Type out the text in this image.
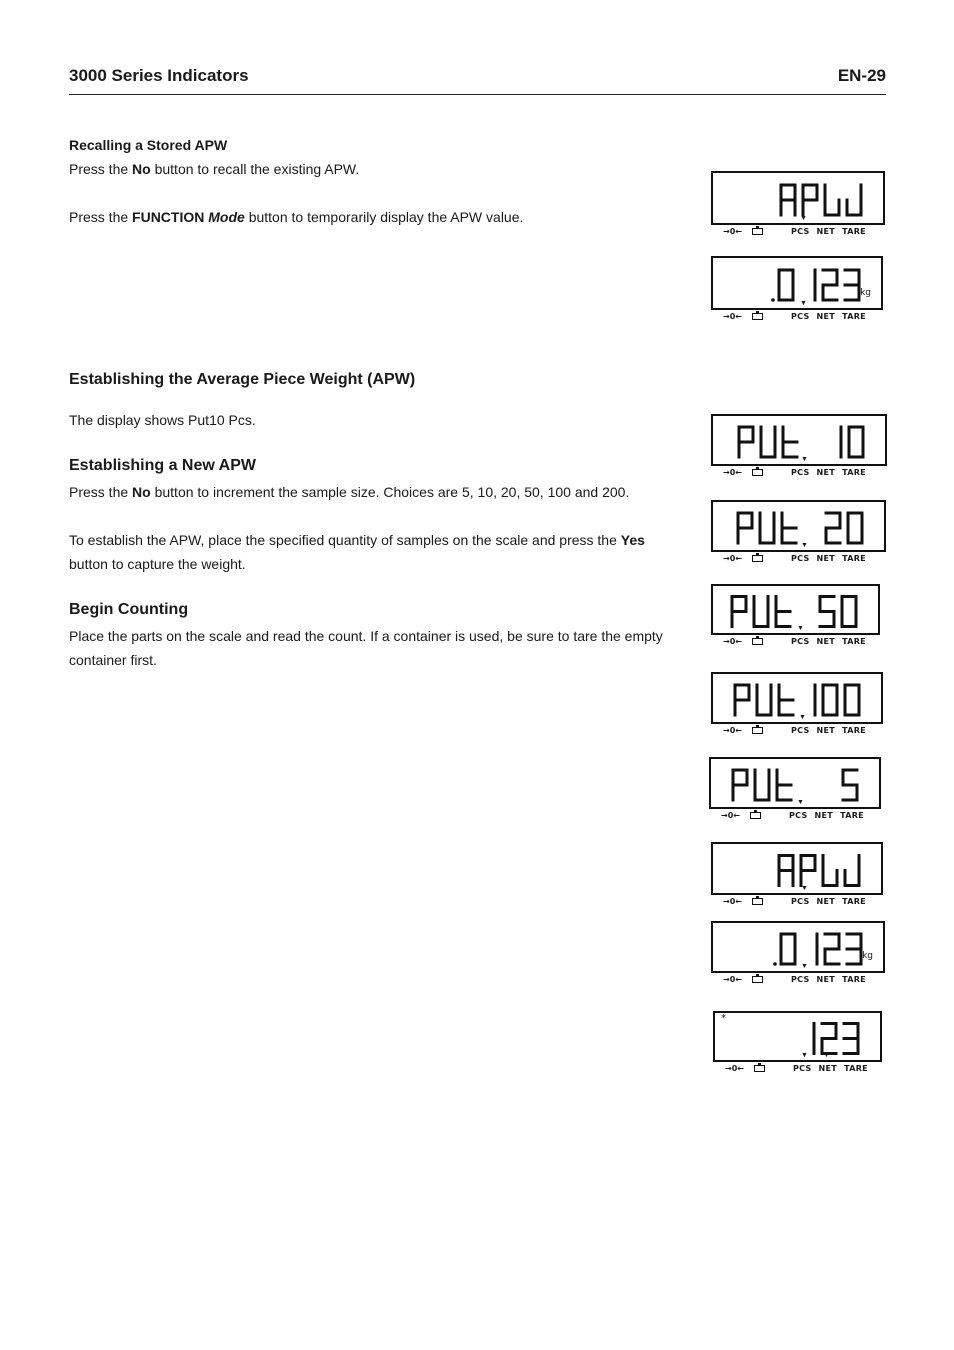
3000 Series Indicators	EN-29
Recalling a Stored APW
Press the No button to recall the existing APW.
Press the FUNCTION Mode button to temporarily display the APW value.
Establishing the Average Piece Weight (APW)
The display shows Put10 Pcs.
Establishing a New APW
Press the No button to increment the sample size. Choices are 5, 10, 20, 50, 100 and 200.
To establish the APW, place the specified quantity of samples on the scale and press the Yes
button to capture the weight.
Begin Counting
Place the parts on the scale and read the count. If a container is used, be sure to tare the empty
container first.
▼
→0←	PCS NET TARE
kg
▼
→0←	PCS NET TARE
▼
→0←	PCS NET TARE
▼
→0←	PCS NET TARE
▼
→0←	PCS NET TARE
▼
→0←	PCS NET TARE
▼
→0←	PCS NET TARE
▼
→0←	PCS NET TARE
kg
▼
→0←	PCS NET TARE
*
▼ ▼
→0←	PCS NET TARE
